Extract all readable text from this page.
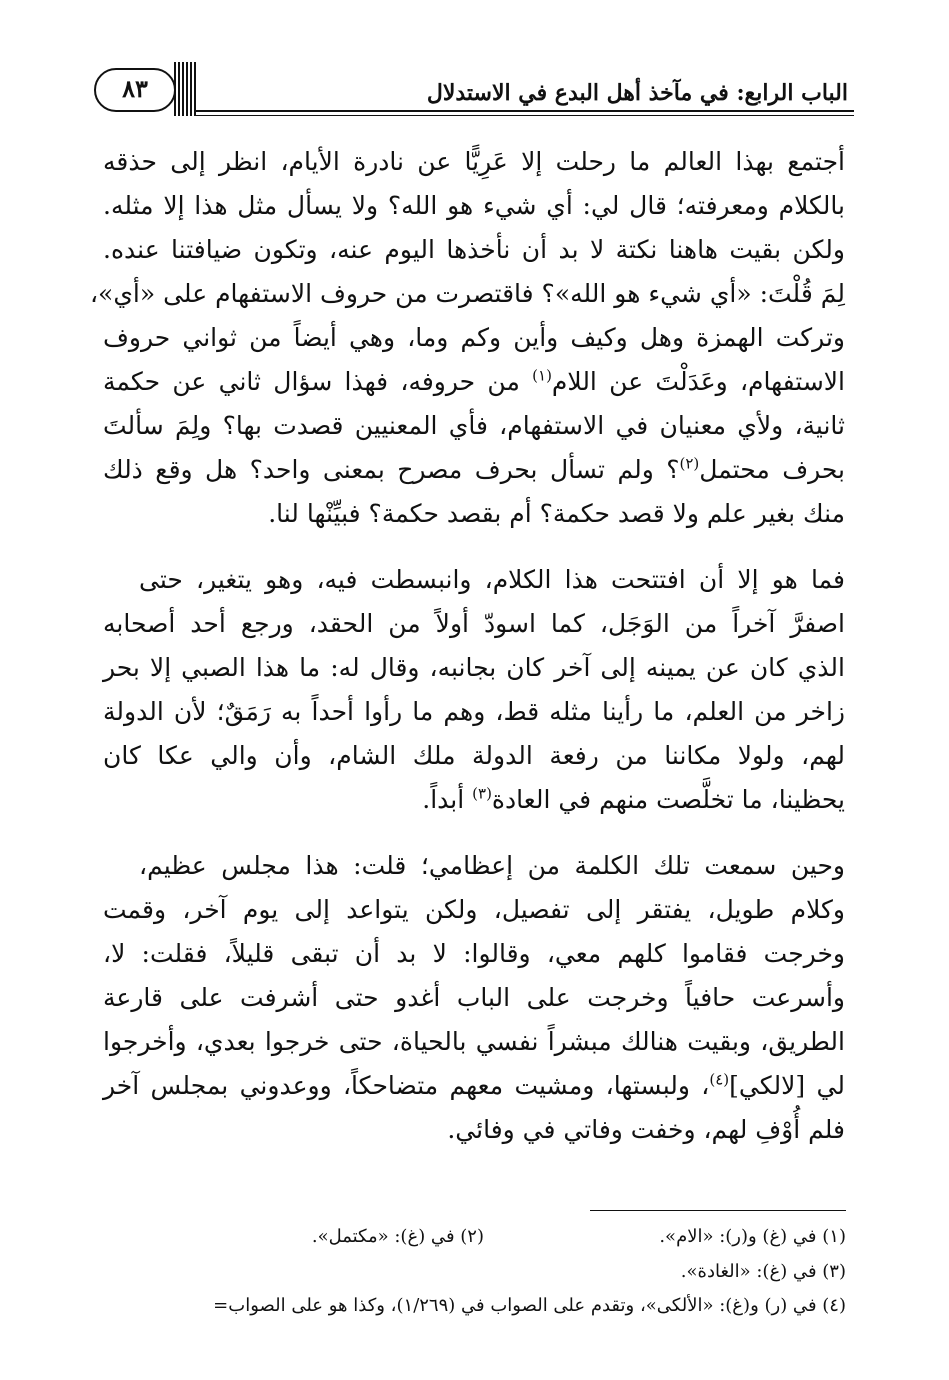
٨٣	الباب الرابع: في مآخذ أهل البدع في الاستدلال
أجتمع بهذا العالم ما رحلت إلا عَرِيًّا عن نادرة الأيام، انظر إلى حذقه
بالكلام ومعرفته؛ قال لي: أي شيء هو الله؟ ولا يسأل مثل هذا إلا مثله.
ولكن بقيت هاهنا نكتة لا بد أن نأخذها اليوم عنه، وتكون ضيافتنا عنده.
لِمَ قُلْتَ: «أي شيء هو الله»؟ فاقتصرت من حروف الاستفهام على «أي»،
وتركت الهمزة وهل وكيف وأين وكم وما، وهي أيضاً من ثواني حروف
الاستفهام، وعَدَلْتَ عن اللام$^{(١)}$ من حروفه، فهذا سؤال ثاني عن حكمة
ثانية، ولأي معنيان في الاستفهام، فأي المعنيين قصدت بها؟ ولِمَ سألتَ
بحرف محتمل$^{(٢)}$؟ ولم تسأل بحرف مصرح بمعنى واحد؟ هل وقع ذلك
منك بغير علم ولا قصد حكمة؟ أم بقصد حكمة؟ فبيِّنْها لنا.
فما هو إلا أن افتتحت هذا الكلام، وانبسطت فيه، وهو يتغير، حتى
اصفرَّ آخراً من الوَجَل، كما اسودّ أولاً من الحقد، ورجع أحد أصحابه
الذي كان عن يمينه إلى آخر كان بجانبه، وقال له: ما هذا الصبي إلا بحر
زاخر من العلم، ما رأينا مثله قط، وهم ما رأوا أحداً به رَمَقٌ؛ لأن الدولة
لهم، ولولا مكاننا من رفعة الدولة ملك الشام، وأن والي عكا كان
يحظينا، ما تخلَّصت منهم في العادة$^{(٣)}$ أبداً.
وحين سمعت تلك الكلمة من إعظامي؛ قلت: هذا مجلس عظيم،
وكلام طويل، يفتقر إلى تفصيل، ولكن يتواعد إلى يوم آخر، وقمت
وخرجت فقاموا كلهم معي، وقالوا: لا بد أن تبقى قليلاً، فقلت: لا،
وأسرعت حافياً وخرجت على الباب أغدو حتى أشرفت على قارعة
الطريق، وبقيت هنالك مبشراً نفسي بالحياة، حتى خرجوا بعدي، وأخرجوا
لي [لالكي]$^{(٤)}$، ولبستها، ومشيت معهم متضاحكاً، ووعدوني بمجلس آخر
فلم أُوْفِ لهم، وخفت وفاتي في وفائي.
(١) في (غ) و(ر): «الام».
(٢) في (غ): «مكتمل».
(٣) في (غ): «الغادة».
(٤) في (ر) و(غ): «الألكى»، وتقدم على الصواب في (١/٢٦٩)، وكذا هو على الصواب=
